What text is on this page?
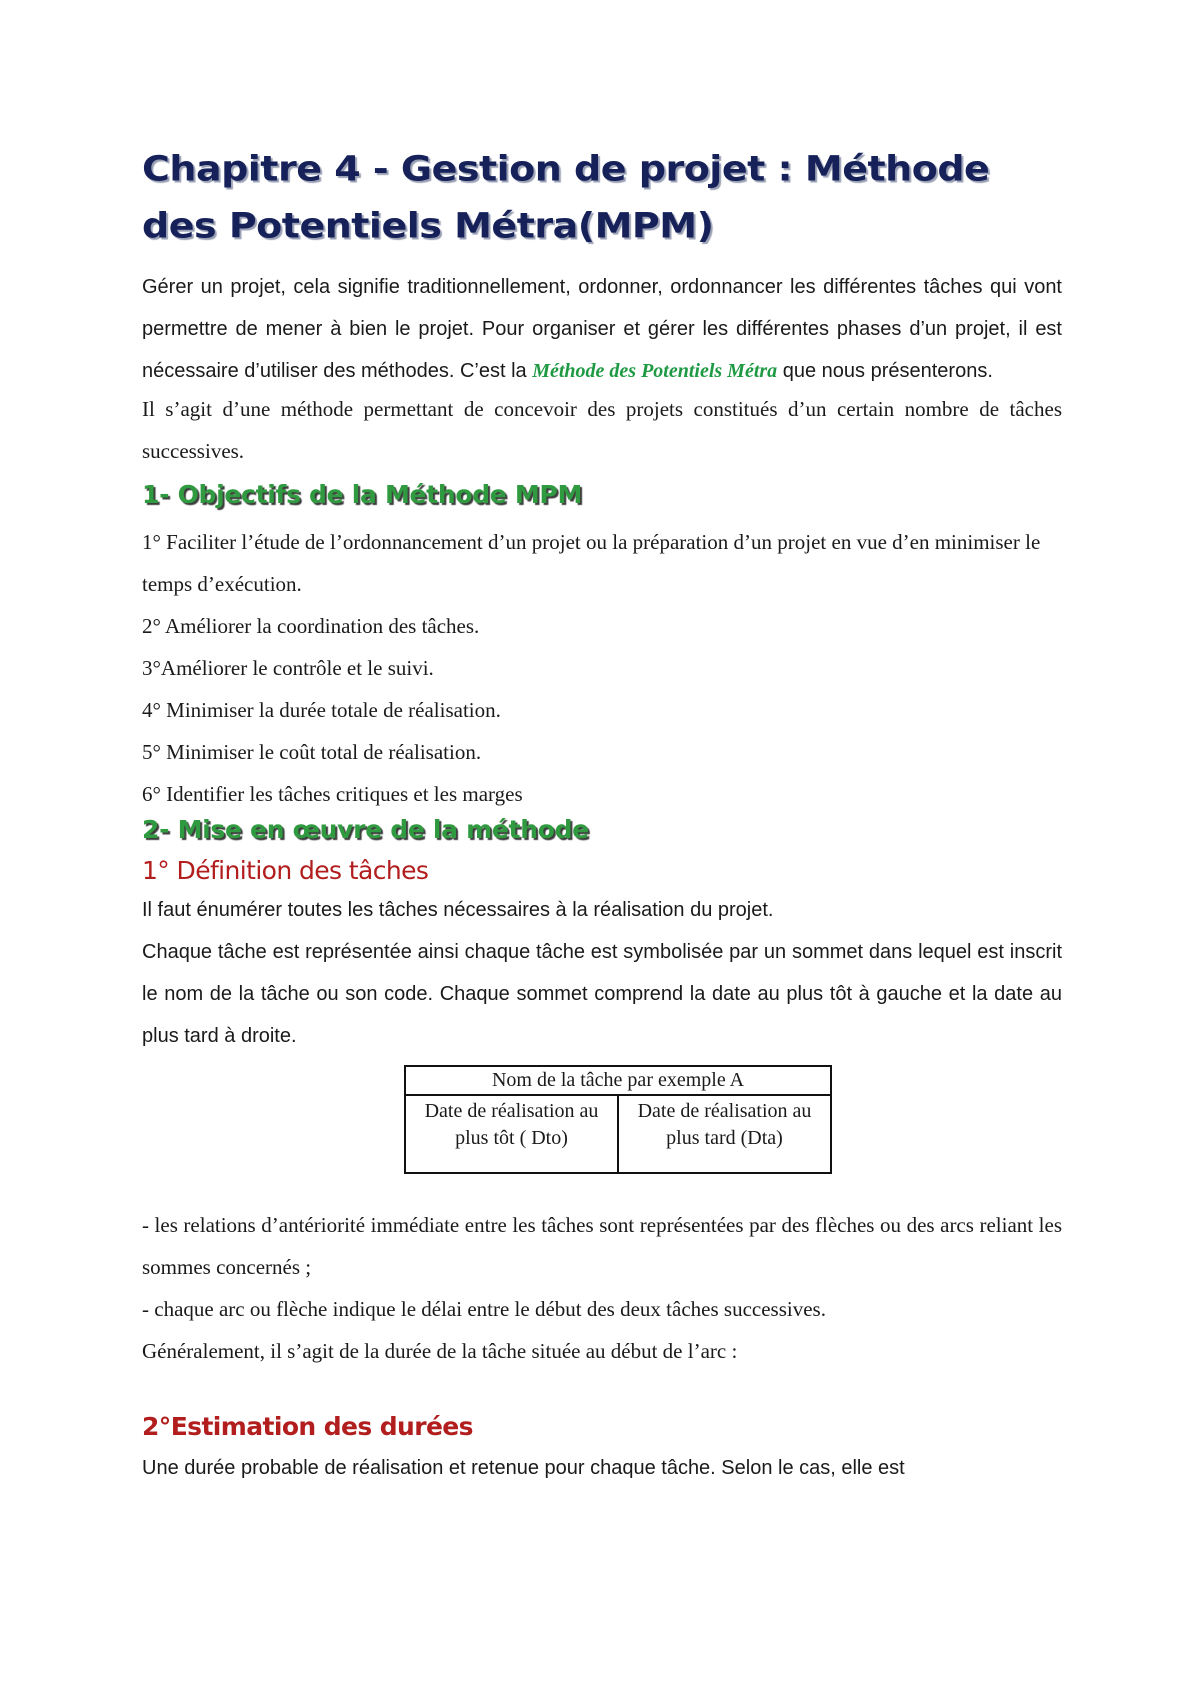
Chapitre 4 - Gestion de projet : Méthode des Potentiels Métra(MPM)

Gérer un projet, cela signifie traditionnellement, ordonner, ordonnancer les différentes tâches qui vont permettre de mener à bien le projet. Pour organiser et gérer les différentes phases d’un projet, il est nécessaire d’utiliser des méthodes. C’est la Méthode des Potentiels Métra que nous présenterons.

Il s’agit d’une méthode permettant de concevoir des projets constitués d’un certain nombre de tâches successives.

1- Objectifs de la Méthode MPM
1° Faciliter l’étude de l’ordonnancement d’un projet ou la préparation d’un projet en vue d’en minimiser le temps d’exécution.
2° Améliorer la coordination des tâches.
3°Améliorer le contrôle et le suivi.
4° Minimiser la durée totale de réalisation.
5° Minimiser le coût total de réalisation.
6° Identifier les tâches critiques et les marges
2- Mise en œuvre de la méthode
1° Définition des tâches

Il faut énumérer toutes les tâches nécessaires à la réalisation du projet.

Chaque tâche est représentée ainsi chaque tâche est symbolisée par un sommet dans lequel est inscrit le nom de la tâche ou son code. Chaque sommet comprend la date au plus tôt à gauche et la date au plus tard à droite.

Nom de la tâche par exemple A
Date de réalisation au plus tôt ( Dto)	Date de réalisation au plus tard (Dta)

- les relations d’antériorité immédiate entre les tâches sont représentées par des flèches ou des arcs reliant les sommes concernés ;

- chaque arc ou flèche indique le délai entre le début des deux tâches successives.

Généralement, il s’agit de la durée de la tâche située au début de l’arc :

2°Estimation des durées

Une durée probable de réalisation et retenue pour chaque tâche. Selon le cas, elle est
